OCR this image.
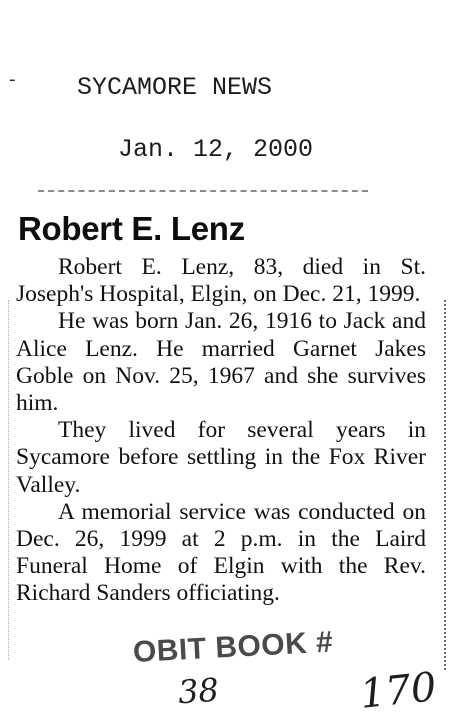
ـ SYCAMORE NEWS
Jan. 12, 2000
Robert E. Lenz

Robert E. Lenz, 83, died in St. Joseph's Hospital, Elgin, on Dec. 21, 1999.

He was born Jan. 26, 1916 to Jack and Alice Lenz. He married Garnet Jakes Goble on Nov. 25, 1967 and she survives him.

They lived for several years in Sycamore before settling in the Fox River Valley.

A memorial service was conducted on Dec. 26, 1999 at 2 p.m. in the Laird Funeral Home of Elgin with the Rev. Richard Sanders officiating.

OBIT BOOK #
38	170
